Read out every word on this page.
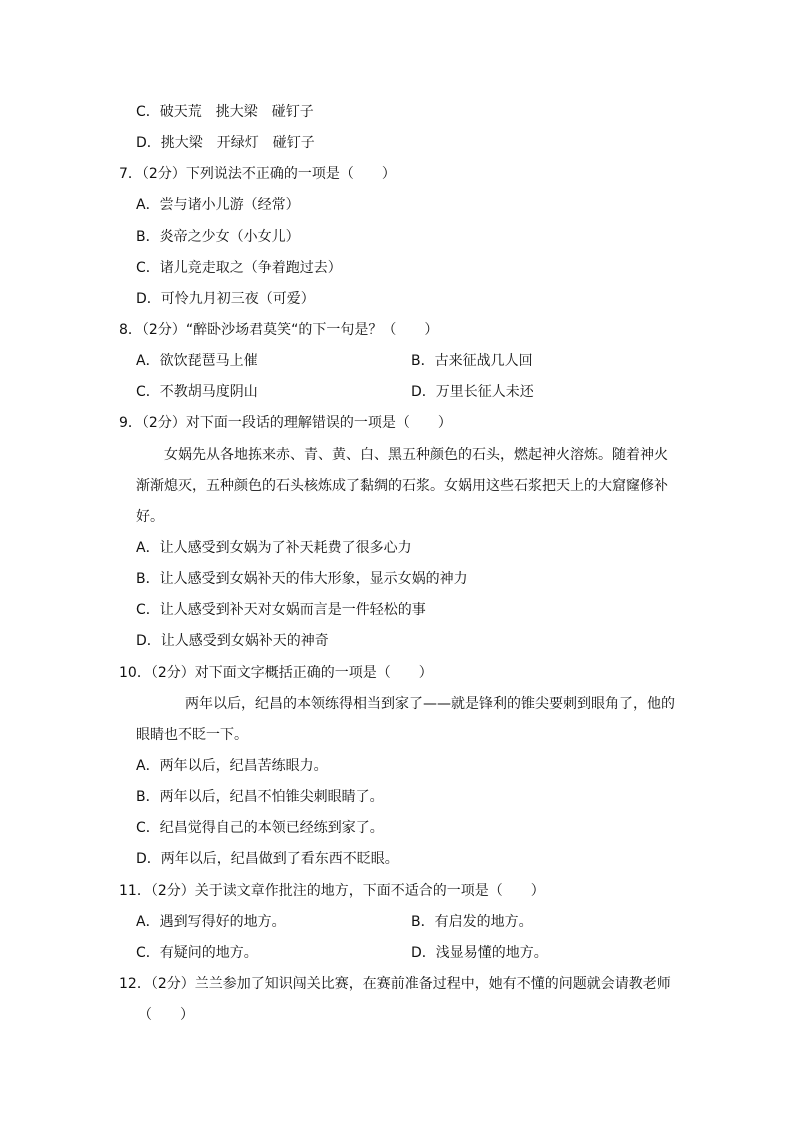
C．破天荒　挑大梁　碰钉子
D．挑大梁　开绿灯　碰钉子
7．（2分）下列说法不正确的一项是（　　）
A．尝与诸小儿游（经常）
B．炎帝之少女（小女儿）
C．诸儿竞走取之（争着跑过去）
D．可怜九月初三夜（可爱）
8．（2分）“醉卧沙场君莫笑“的下一句是？（　　）
A．欲饮琵琶马上催	B．古来征战几人回
C．不教胡马度阴山	D．万里长征人未还
9．（2分）对下面一段话的理解错误的一项是（　　）
女娲先从各地拣来赤、青、黄、白、黑五种颜色的石头，燃起神火溶炼。随着神火
渐渐熄灭，五种颜色的石头核炼成了黏绸的石浆。女娲用这些石浆把天上的大窟窿修补
好。
A．让人感受到女娲为了补天耗费了很多心力
B．让人感受到女娲补天的伟大形象，显示女娲的神力
C．让人感受到补天对女娲而言是一件轻松的事
D．让人感受到女娲补天的神奇
10．（2分）对下面文字概括正确的一项是（　　）
两年以后，纪昌的本领练得相当到家了——就是锋利的锥尖要刺到眼角了，他的
眼睛也不眨一下。
A．两年以后，纪昌苦练眼力。
B．两年以后，纪昌不怕锥尖刺眼睛了。
C．纪昌觉得自己的本领已经练到家了。
D．两年以后，纪昌做到了看东西不眨眼。
11．（2分）关于读文章作批注的地方，下面不适合的一项是（　　）
A．遇到写得好的地方。	B．有启发的地方。
C．有疑问的地方。	D．浅显易懂的地方。
12．（2分）兰兰参加了知识闯关比赛，在赛前准备过程中，她有不懂的问题就会请教老师
（　　）
